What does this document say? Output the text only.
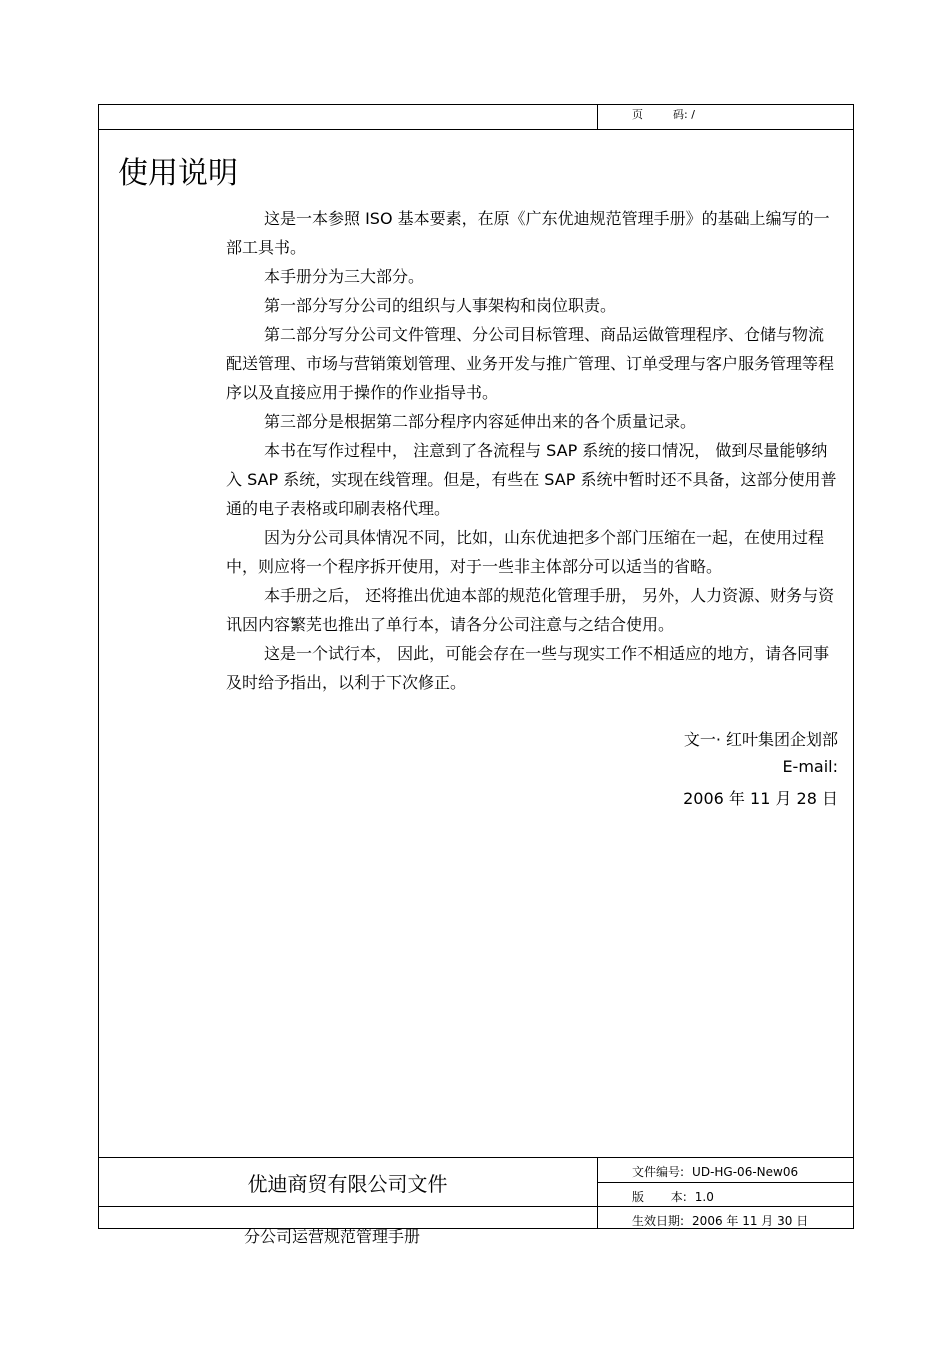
页	码: /
使用说明

这是一本参照 ISO 基本要素，在原《广东优迪规范管理手册》的基础上编写的一部工具书。

本手册分为三大部分。

第一部分写分公司的组织与人事架构和岗位职责。

第二部分写分公司文件管理、分公司目标管理、商品运做管理程序、仓储与物流配送管理、市场与营销策划管理、业务开发与推广管理、订单受理与客户服务管理等程序以及直接应用于操作的作业指导书。

第三部分是根据第二部分程序内容延伸出来的各个质量记录。

本书在写作过程中， 注意到了各流程与 SAP 系统的接口情况， 做到尽量能够纳入 SAP 系统，实现在线管理。但是，有些在 SAP 系统中暂时还不具备，这部分使用普通的电子表格或印刷表格代理。

因为分公司具体情况不同，比如，山东优迪把多个部门压缩在一起，在使用过程中，则应将一个程序拆开使用，对于一些非主体部分可以适当的省略。

本手册之后， 还将推出优迪本部的规范化管理手册， 另外，人力资源、财务与资讯因内容繁芜也推出了单行本，请各分公司注意与之结合使用。

这是一个试行本， 因此，可能会存在一些与现实工作不相适应的地方，请各同事及时给予指出，以利于下次修正。

文一· 红叶集团企划部
E-mail:
2006 年 11 月 28 日
优迪商贸有限公司文件	文件编号: UD-HG-06-New06
版       本: 1.0
生效日期: 2006 年 11 月 30 日
分公司运营规范管理手册
